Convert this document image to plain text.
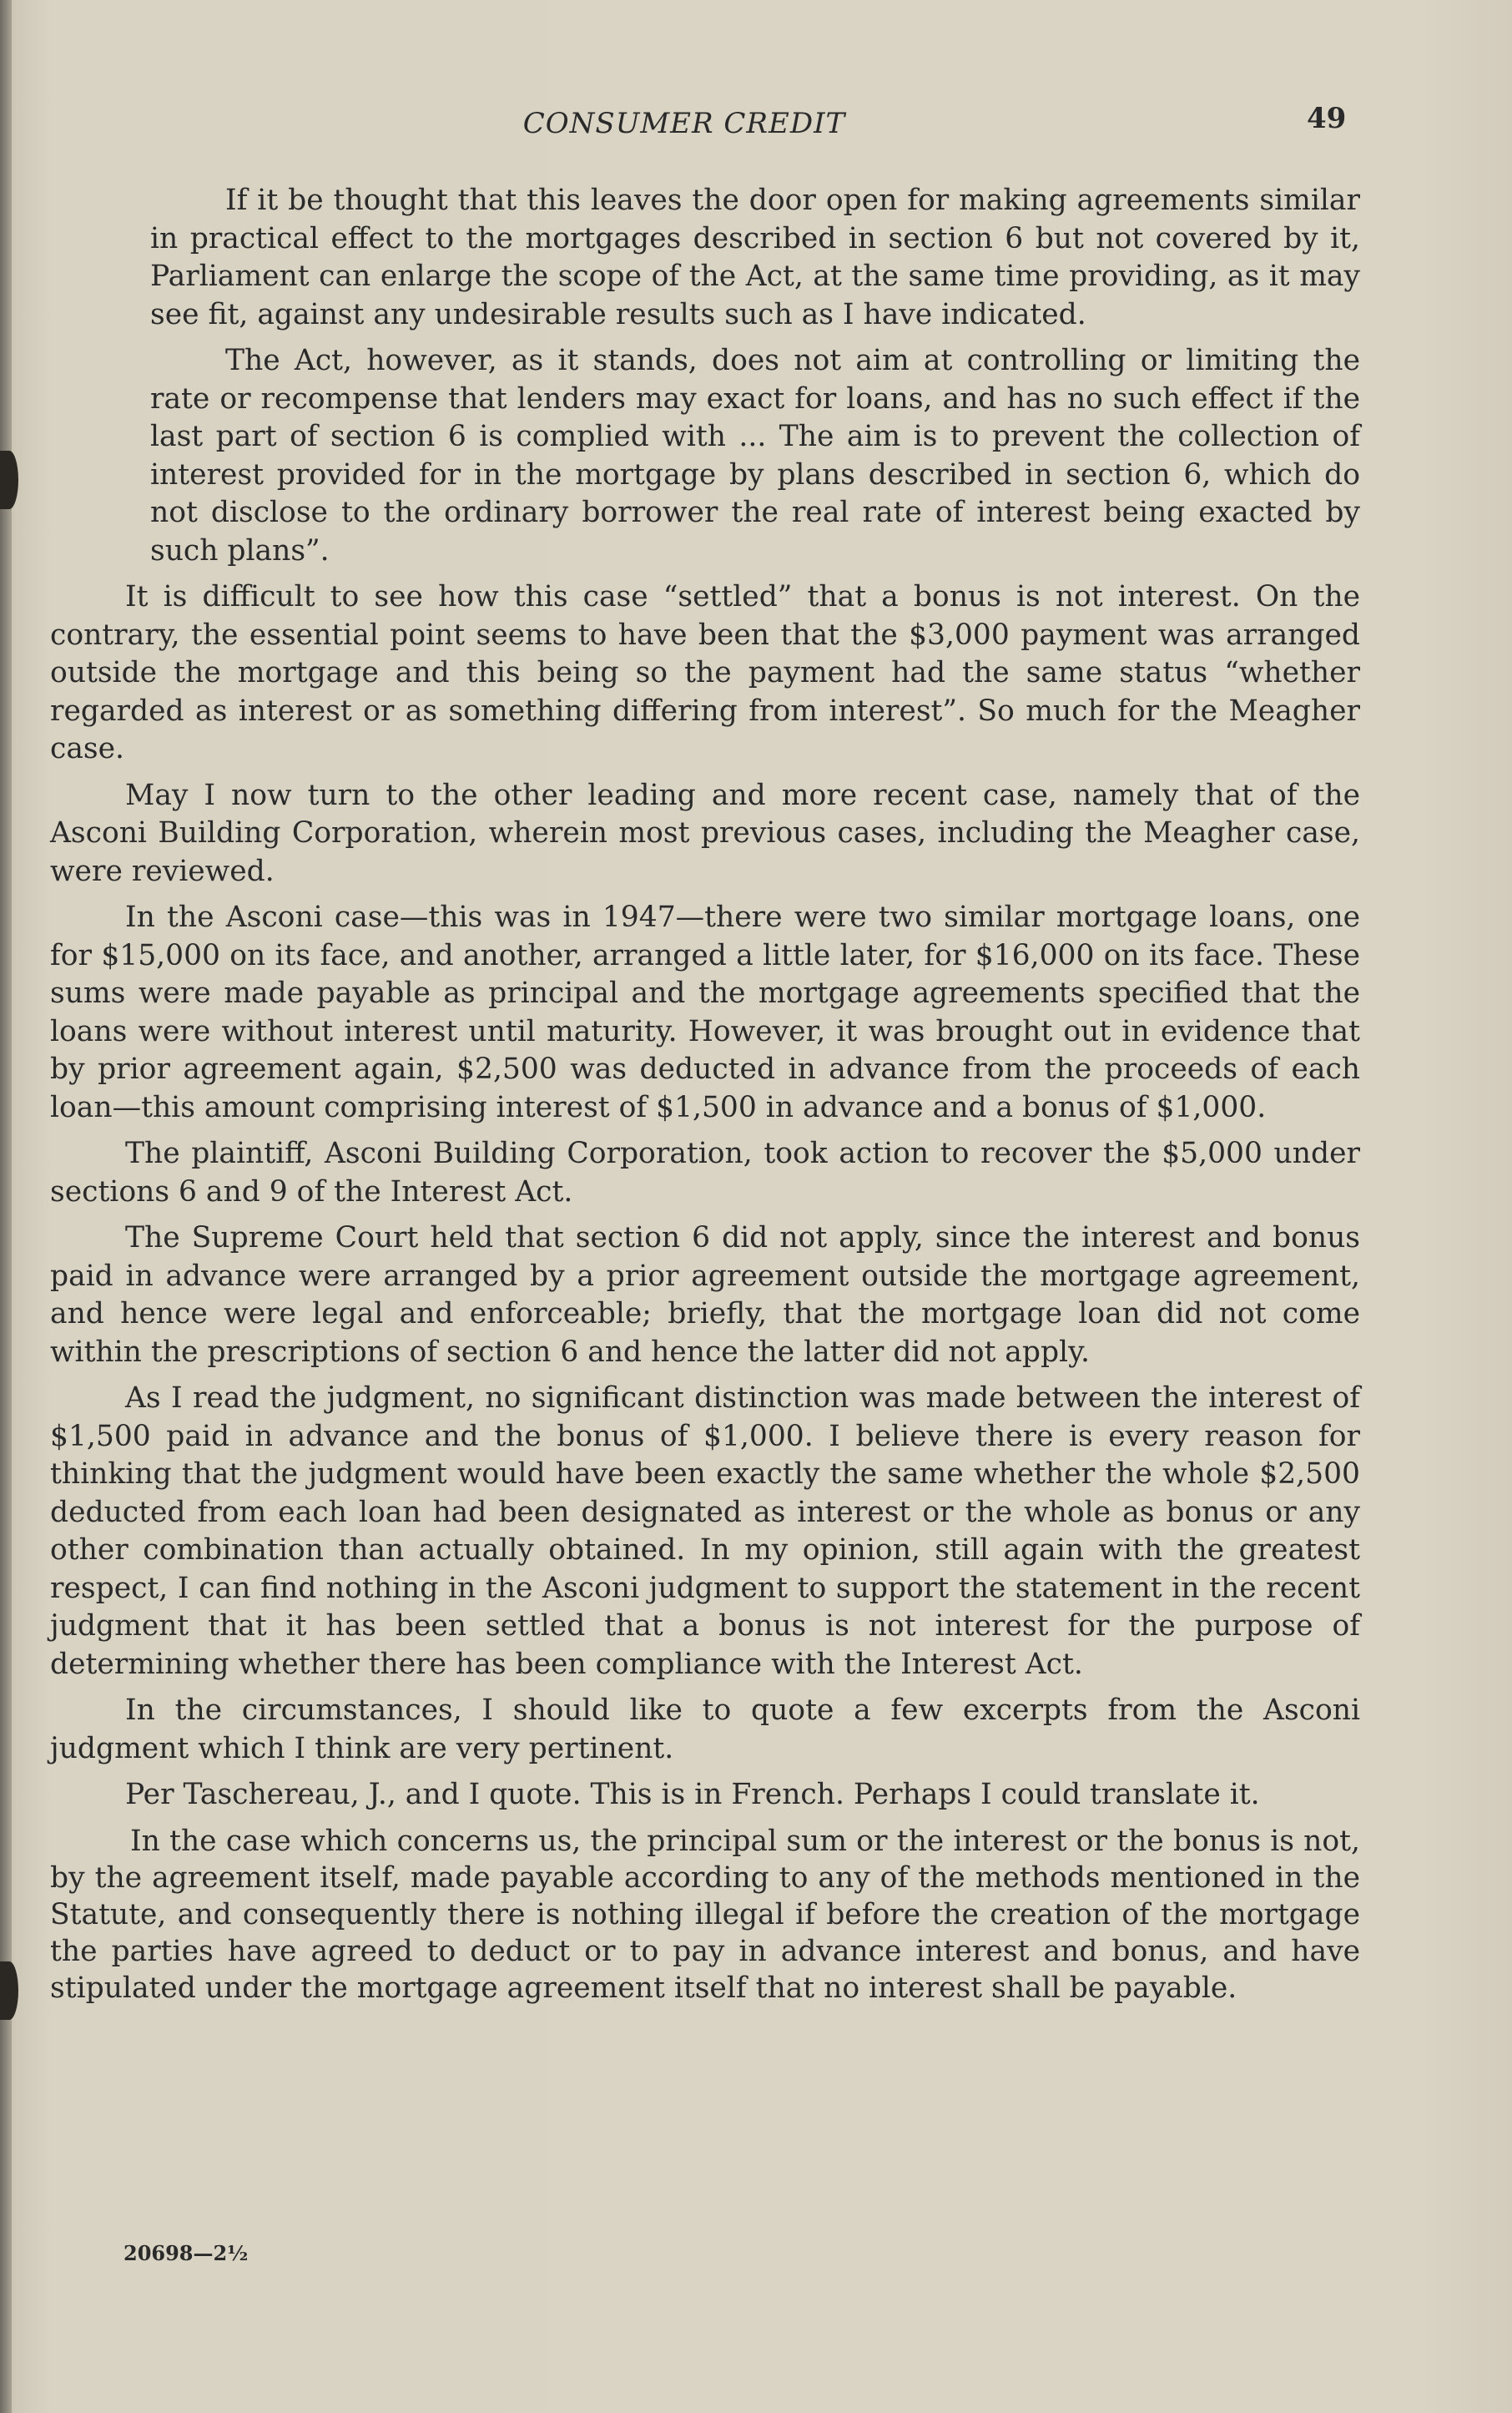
CONSUMER CREDIT	49

If it be thought that this leaves the door open for making agreements similar in practical effect to the mortgages described in section 6 but not covered by it, Parliament can enlarge the scope of the Act, at the same time providing, as it may see fit, against any undesirable results such as I have indicated.

The Act, however, as it stands, does not aim at controlling or limiting the rate or recompense that lenders may exact for loans, and has no such effect if the last part of section 6 is complied with ... The aim is to prevent the collection of interest provided for in the mortgage by plans described in section 6, which do not disclose to the ordinary borrower the real rate of interest being exacted by such plans”.

It is difficult to see how this case “settled” that a bonus is not interest. On the contrary, the essential point seems to have been that the $3,000 payment was arranged outside the mortgage and this being so the payment had the same status “whether regarded as interest or as something differing from interest”. So much for the Meagher case.

May I now turn to the other leading and more recent case, namely that of the Asconi Building Corporation, wherein most previous cases, including the Meagher case, were reviewed.

In the Asconi case—this was in 1947—there were two similar mortgage loans, one for $15,000 on its face, and another, arranged a little later, for $16,000 on its face. These sums were made payable as principal and the mortgage agreements specified that the loans were without interest until maturity. However, it was brought out in evidence that by prior agreement again, $2,500 was deducted in advance from the proceeds of each loan—this amount comprising interest of $1,500 in advance and a bonus of $1,000.

The plaintiff, Asconi Building Corporation, took action to recover the $5,000 under sections 6 and 9 of the Interest Act.

The Supreme Court held that section 6 did not apply, since the interest and bonus paid in advance were arranged by a prior agreement outside the mortgage agreement, and hence were legal and enforceable; briefly, that the mortgage loan did not come within the prescriptions of section 6 and hence the latter did not apply.

As I read the judgment, no significant distinction was made between the interest of $1,500 paid in advance and the bonus of $1,000. I believe there is every reason for thinking that the judgment would have been exactly the same whether the whole $2,500 deducted from each loan had been designated as interest or the whole as bonus or any other combination than actually obtained. In my opinion, still again with the greatest respect, I can find nothing in the Asconi judgment to support the statement in the recent judgment that it has been settled that a bonus is not interest for the purpose of determining whether there has been compliance with the Interest Act.

In the circumstances, I should like to quote a few excerpts from the Asconi judgment which I think are very pertinent.

Per Taschereau, J., and I quote. This is in French. Perhaps I could translate it.

In the case which concerns us, the principal sum or the interest or the bonus is not, by the agreement itself, made payable according to any of the methods mentioned in the Statute, and consequently there is nothing illegal if before the creation of the mortgage the parties have agreed to deduct or to pay in advance interest and bonus, and have stipulated under the mortgage agreement itself that no interest shall be payable.

20698—2½
